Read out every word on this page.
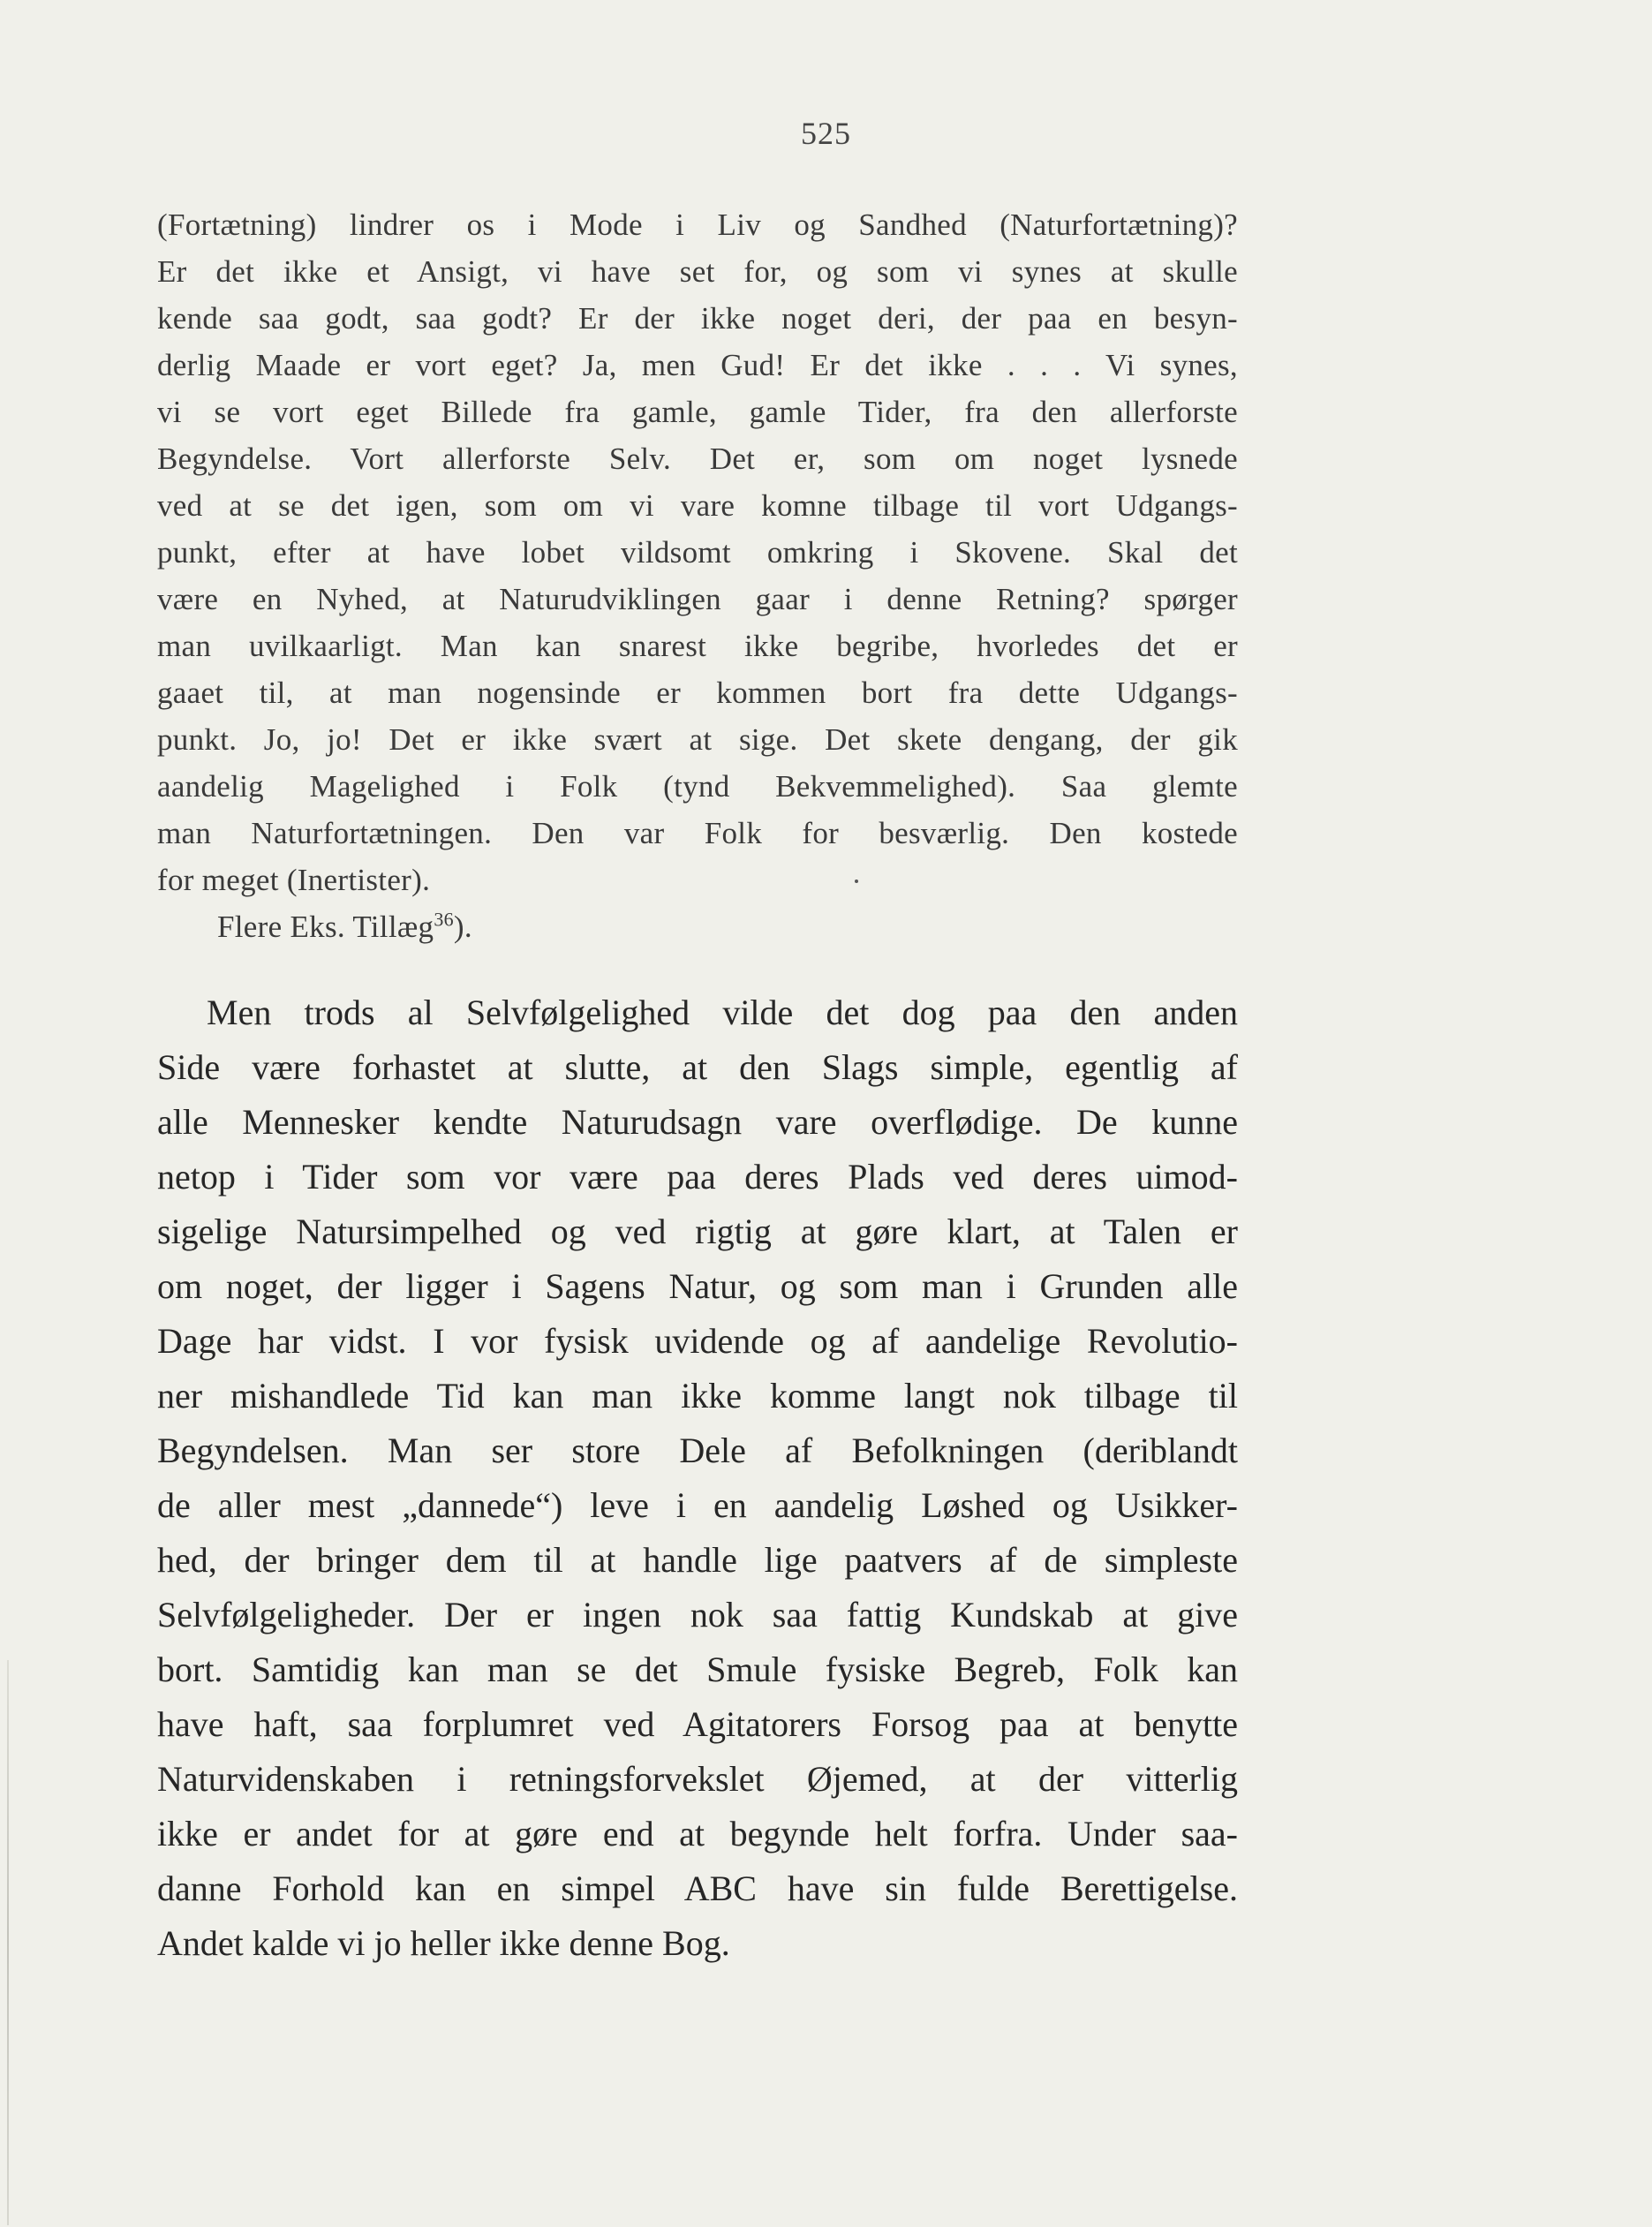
525
(Fortætning) lindrer os i Mode i Liv og Sandhed (Naturfortætning)?
Er det ikke et Ansigt, vi have set for, og som vi synes at skulle
kende saa godt, saa godt? Er der ikke noget deri, der paa en besyn-
derlig Maade er vort eget? Ja, men Gud! Er det ikke . . . Vi synes,
vi se vort eget Billede fra gamle, gamle Tider, fra den allerforste
Begyndelse. Vort allerforste Selv. Det er, som om noget lysnede
ved at se det igen, som om vi vare komne tilbage til vort Udgangs-
punkt, efter at have lobet vildsomt omkring i Skovene. Skal det
være en Nyhed, at Naturudviklingen gaar i denne Retning? spørger
man uvilkaarligt. Man kan snarest ikke begribe, hvorledes det er
gaaet til, at man nogensinde er kommen bort fra dette Udgangs-
punkt. Jo, jo! Det er ikke svært at sige. Det skete dengang, der gik
aandelig Magelighed i Folk (tynd Bekvemmelighed). Saa glemte
man Naturfortætningen. Den var Folk for besværlig. Den kostede
for meget (Inertister).
Flere Eks. Tillæg$^{36}$).
Men trods al Selvfølgelighed vilde det dog paa den anden
Side være forhastet at slutte, at den Slags simple, egentlig af
alle Mennesker kendte Naturudsagn vare overflødige. De kunne
netop i Tider som vor være paa deres Plads ved deres uimod-
sigelige Natursimpelhed og ved rigtig at gøre klart, at Talen er
om noget, der ligger i Sagens Natur, og som man i Grunden alle
Dage har vidst. I vor fysisk uvidende og af aandelige Revolutio-
ner mishandlede Tid kan man ikke komme langt nok tilbage til
Begyndelsen. Man ser store Dele af Befolkningen (deriblandt
de aller mest „dannede“) leve i en aandelig Løshed og Usikker-
hed, der bringer dem til at handle lige paatvers af de simpleste
Selvfølgeligheder. Der er ingen nok saa fattig Kundskab at give
bort. Samtidig kan man se det Smule fysiske Begreb, Folk kan
have haft, saa forplumret ved Agitatorers Forsog paa at benytte
Naturvidenskaben i retningsforvekslet Øjemed, at der vitterlig
ikke er andet for at gøre end at begynde helt forfra. Under saa-
danne Forhold kan en simpel ABC have sin fulde Berettigelse.
Andet kalde vi jo heller ikke denne Bog.
